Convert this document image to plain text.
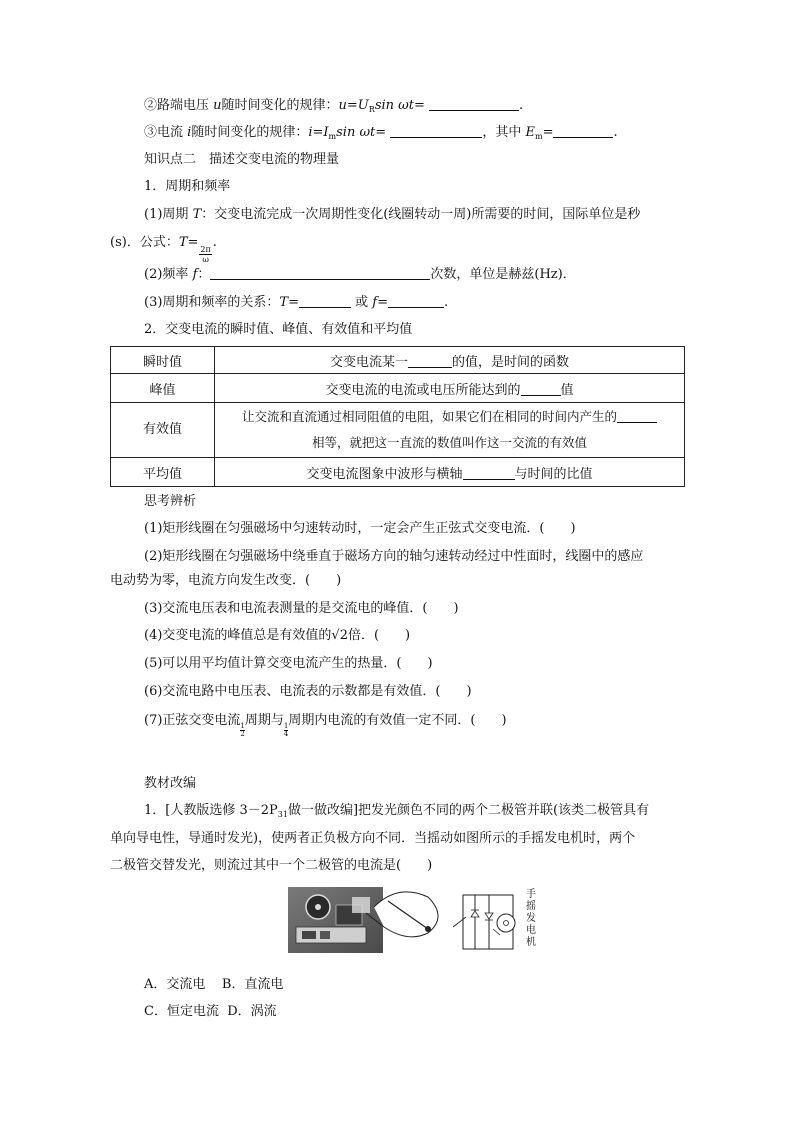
②路端电压 u随时间变化的规律：$u=U_R\sin$ ωt=	.
③电流 i随时间变化的规律：$i=I_m\sin$ ωt=	，其中 $E_m=$	.
知识点二　描述交变电流的物理量
1．周期和频率
(1)周期 T：交变电流完成一次周期性变化(线圈转动一周)所需要的时间，国际单位是秒
(s)．公式：T=
$\frac{2\pi}{\omega}$
.
(2)频率 f：	次数，单位是赫兹(Hz)．
(3)周期和频率的关系：T=	或 f=	.
2．交变电流的瞬时值、峰值、有效值和平均值
瞬时值	交变电流某一 的值，是时间的函数
峰值	交变电流的电流或电压所能达到的 值
有效值	让交流和直流通过相同阻值的电阻，如果它们在相同的时间内产生的
相等，就把这一直流的数值叫作这一交流的有效值
平均值	交变电流图象中波形与横轴 与时间的比值
思考辨析
(1)矩形线圈在匀强磁场中匀速转动时，一定会产生正弦式交变电流．(　　)
(2)矩形线圈在匀强磁场中绕垂直于磁场方向的轴匀速转动经过中性面时，线圈中的感应
电动势为零，电流方向发生改变．(　　)
(3)交流电压表和电流表测量的是交流电的峰值．(　　)
(4)交变电流的峰值总是有效值的√2倍．(　　)
(5)可以用平均值计算交变电流产生的热量．(　　)
(6)交流电路中电压表、电流表的示数都是有效值．(　　)
(7)正弦交变电流
$\frac{1}{2}$
周期与
$\frac{1}{4}$
周期内电流的有效值一定不同．(　　)
教材改编
1．[人教版选修 $3-2P_{31}$做一做改编]把发光颜色不同的两个二极管并联(该类二极管具有
单向导电性，导通时发光)，使两者正负极方向不同．当摇动如图所示的手摇发电机时，两个
二极管交替发光，则流过其中一个二极管的电流是(　　)
手摇发电机
A．交流电 B．直流电
C．恒定电流 D．涡流
